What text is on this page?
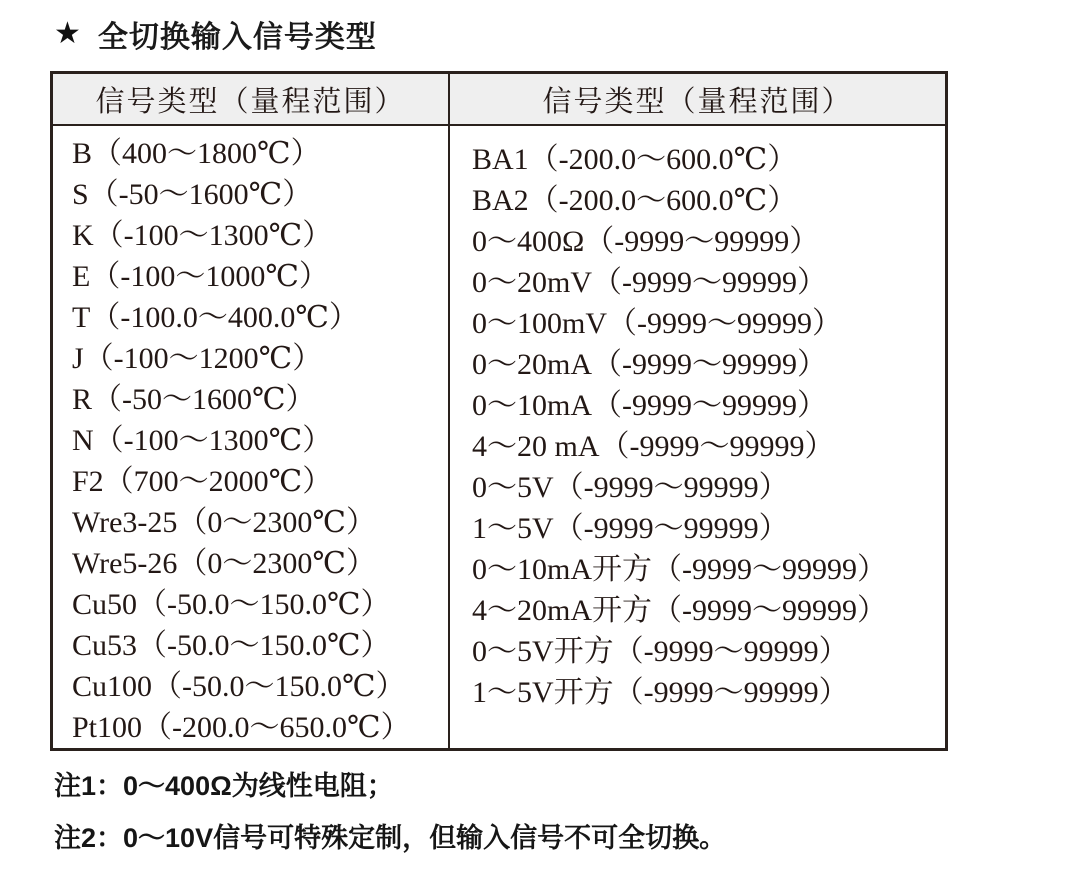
★ 全切换输入信号类型
信号类型（量程范围）
B（400～1800℃）
S（-50～1600℃）
K（-100～1300℃）
E（-100～1000℃）
T（-100.0～400.0℃）
J（-100～1200℃）
R（-50～1600℃）
N（-100～1300℃）
F2（700～2000℃）
Wre3-25（0～2300℃）
Wre5-26（0～2300℃）
Cu50（-50.0～150.0℃）
Cu53（-50.0～150.0℃）
Cu100（-50.0～150.0℃）
Pt100（-200.0～650.0℃）
信号类型（量程范围）
BA1（-200.0～600.0℃）
BA2（-200.0～600.0℃）
0～400Ω（-9999～99999）
0～20mV（-9999～99999）
0～100mV（-9999～99999）
0～20mA（-9999～99999）
0～10mA（-9999～99999）
4～20 mA（-9999～99999）
0～5V（-9999～99999）
1～5V（-9999～99999）
0～10mA开方（-9999～99999）
4～20mA开方（-9999～99999）
0～5V开方（-9999～99999）
1～5V开方（-9999～99999）
注1：0～400Ω为线性电阻；
注2：0～10V信号可特殊定制，但输入信号不可全切换。
